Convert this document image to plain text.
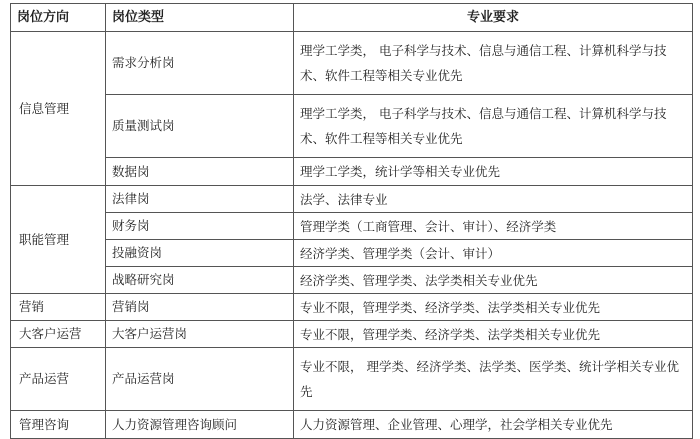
岗位方向	岗位类型	专业要求
信息管理	需求分析岗	理学工学类， 电子科学与技术、信息与通信工程、计算机科学与技术、软件工程等相关专业优先
	质量测试岗	理学工学类， 电子科学与技术、信息与通信工程、计算机科学与技术、软件工程等相关专业优先
	数据岗	理学工学类，统计学等相关专业优先
职能管理	法律岗	法学、法律专业
	财务岗	管理学类（工商管理、会计、审计）、经济学类
	投融资岗	经济学类、管理学类（会计、审计）
	战略研究岗	经济学类、管理学类、法学类相关专业优先
营销	营销岗	专业不限，管理学类、经济学类、法学类相关专业优先
大客户运营	大客户运营岗	专业不限，管理学类、经济学类、法学类相关专业优先
产品运营	产品运营岗	专业不限， 理学类、经济学类、法学类、医学类、统计学相关专业优先
管理咨询	人力资源管理咨询顾问	人力资源管理、企业管理、心理学，社会学相关专业优先
